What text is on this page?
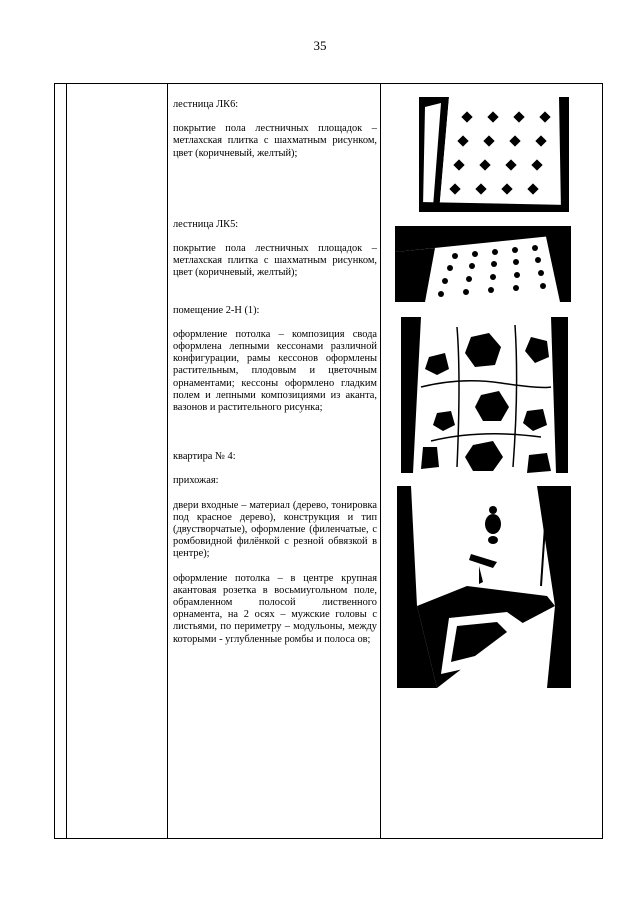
35

лестница ЛК6:

покрытие пола лестничных площадок – метлахская плитка с шахматным рисунком, цвет (коричневый, желтый);

лестница ЛК5:

покрытие пола лестничных площадок – метлахская плитка с шахматным рисунком, цвет (коричневый, желтый);

помещение 2-Н (1):

оформление потолка – композиция свода оформлена лепными кессонами различной конфигурации, рамы кессонов оформлены растительным, плодовым и цветочным орнаментами; кессоны оформлено гладким полем и лепными композициями из аканта, вазонов и растительного рисунка;

квартира № 4:

прихожая:

двери входные – материал (дерево, тонировка под красное дерево), конструкция и тип (двустворчатые), оформление (филенчатые, с ромбовидной филёнкой с резной обвязкой в центре);

оформление потолка – в центре крупная акантовая розетка в восьмиугольном поле, обрамленном полосой лиственного орнамента, на 2 осях – мужские головы с листьями, по периметру – модульоны, между которыми - углубленные ромбы и полоса ов;
